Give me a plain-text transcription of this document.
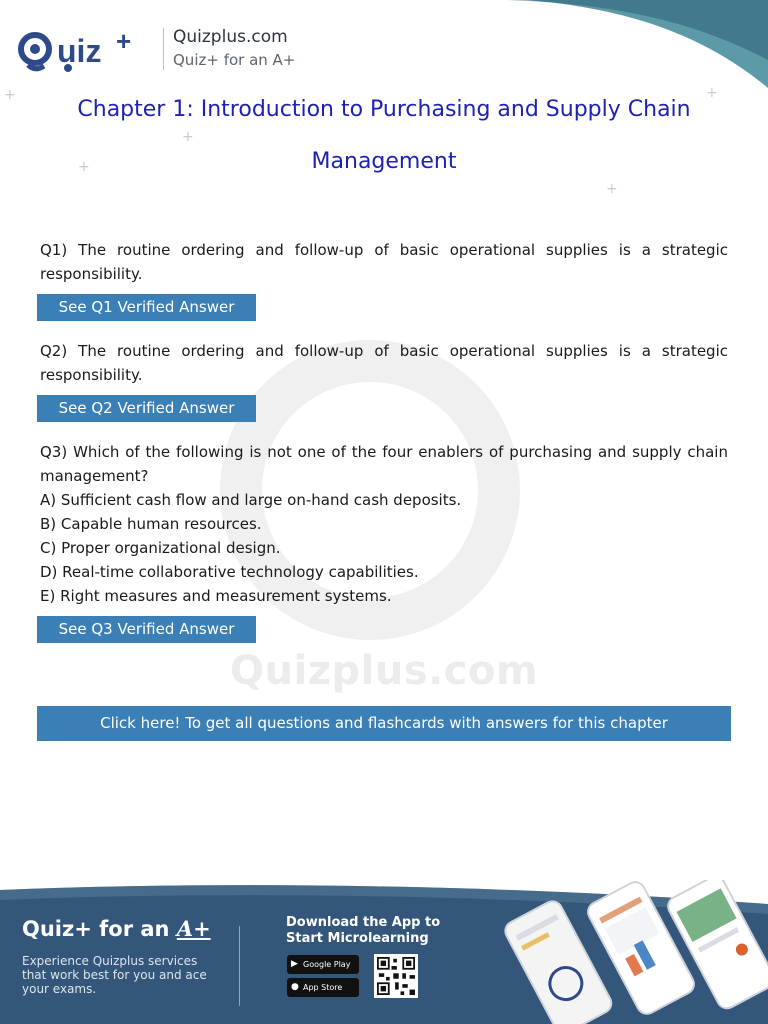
+
+
+
+
+
uiz + Quizplus.com
Quiz+ for an A+
Chapter 1: Introduction to Purchasing and Supply Chain
Management
Quizplus.com

Q1) The routine ordering and follow-up of basic operational supplies is a strategic responsibility.

See Q1 Verified Answer

Q2) The routine ordering and follow-up of basic operational supplies is a strategic responsibility.

See Q2 Verified Answer

Q3) Which of the following is not one of the four enablers of purchasing and supply chain management?

A) Sufficient cash flow and large on-hand cash deposits.
B) Capable human resources.
C) Proper organizational design.
D) Real-time collaborative technology capabilities.
E) Right measures and measurement systems.
See Q3 Verified Answer
Click here! To get all questions and flashcards with answers for this chapter
Quiz+ for an A+

Experience Quizplus services that work best for you and ace your exams.

Download the App to Start Microlearning

▶ Google Play
● App Store
